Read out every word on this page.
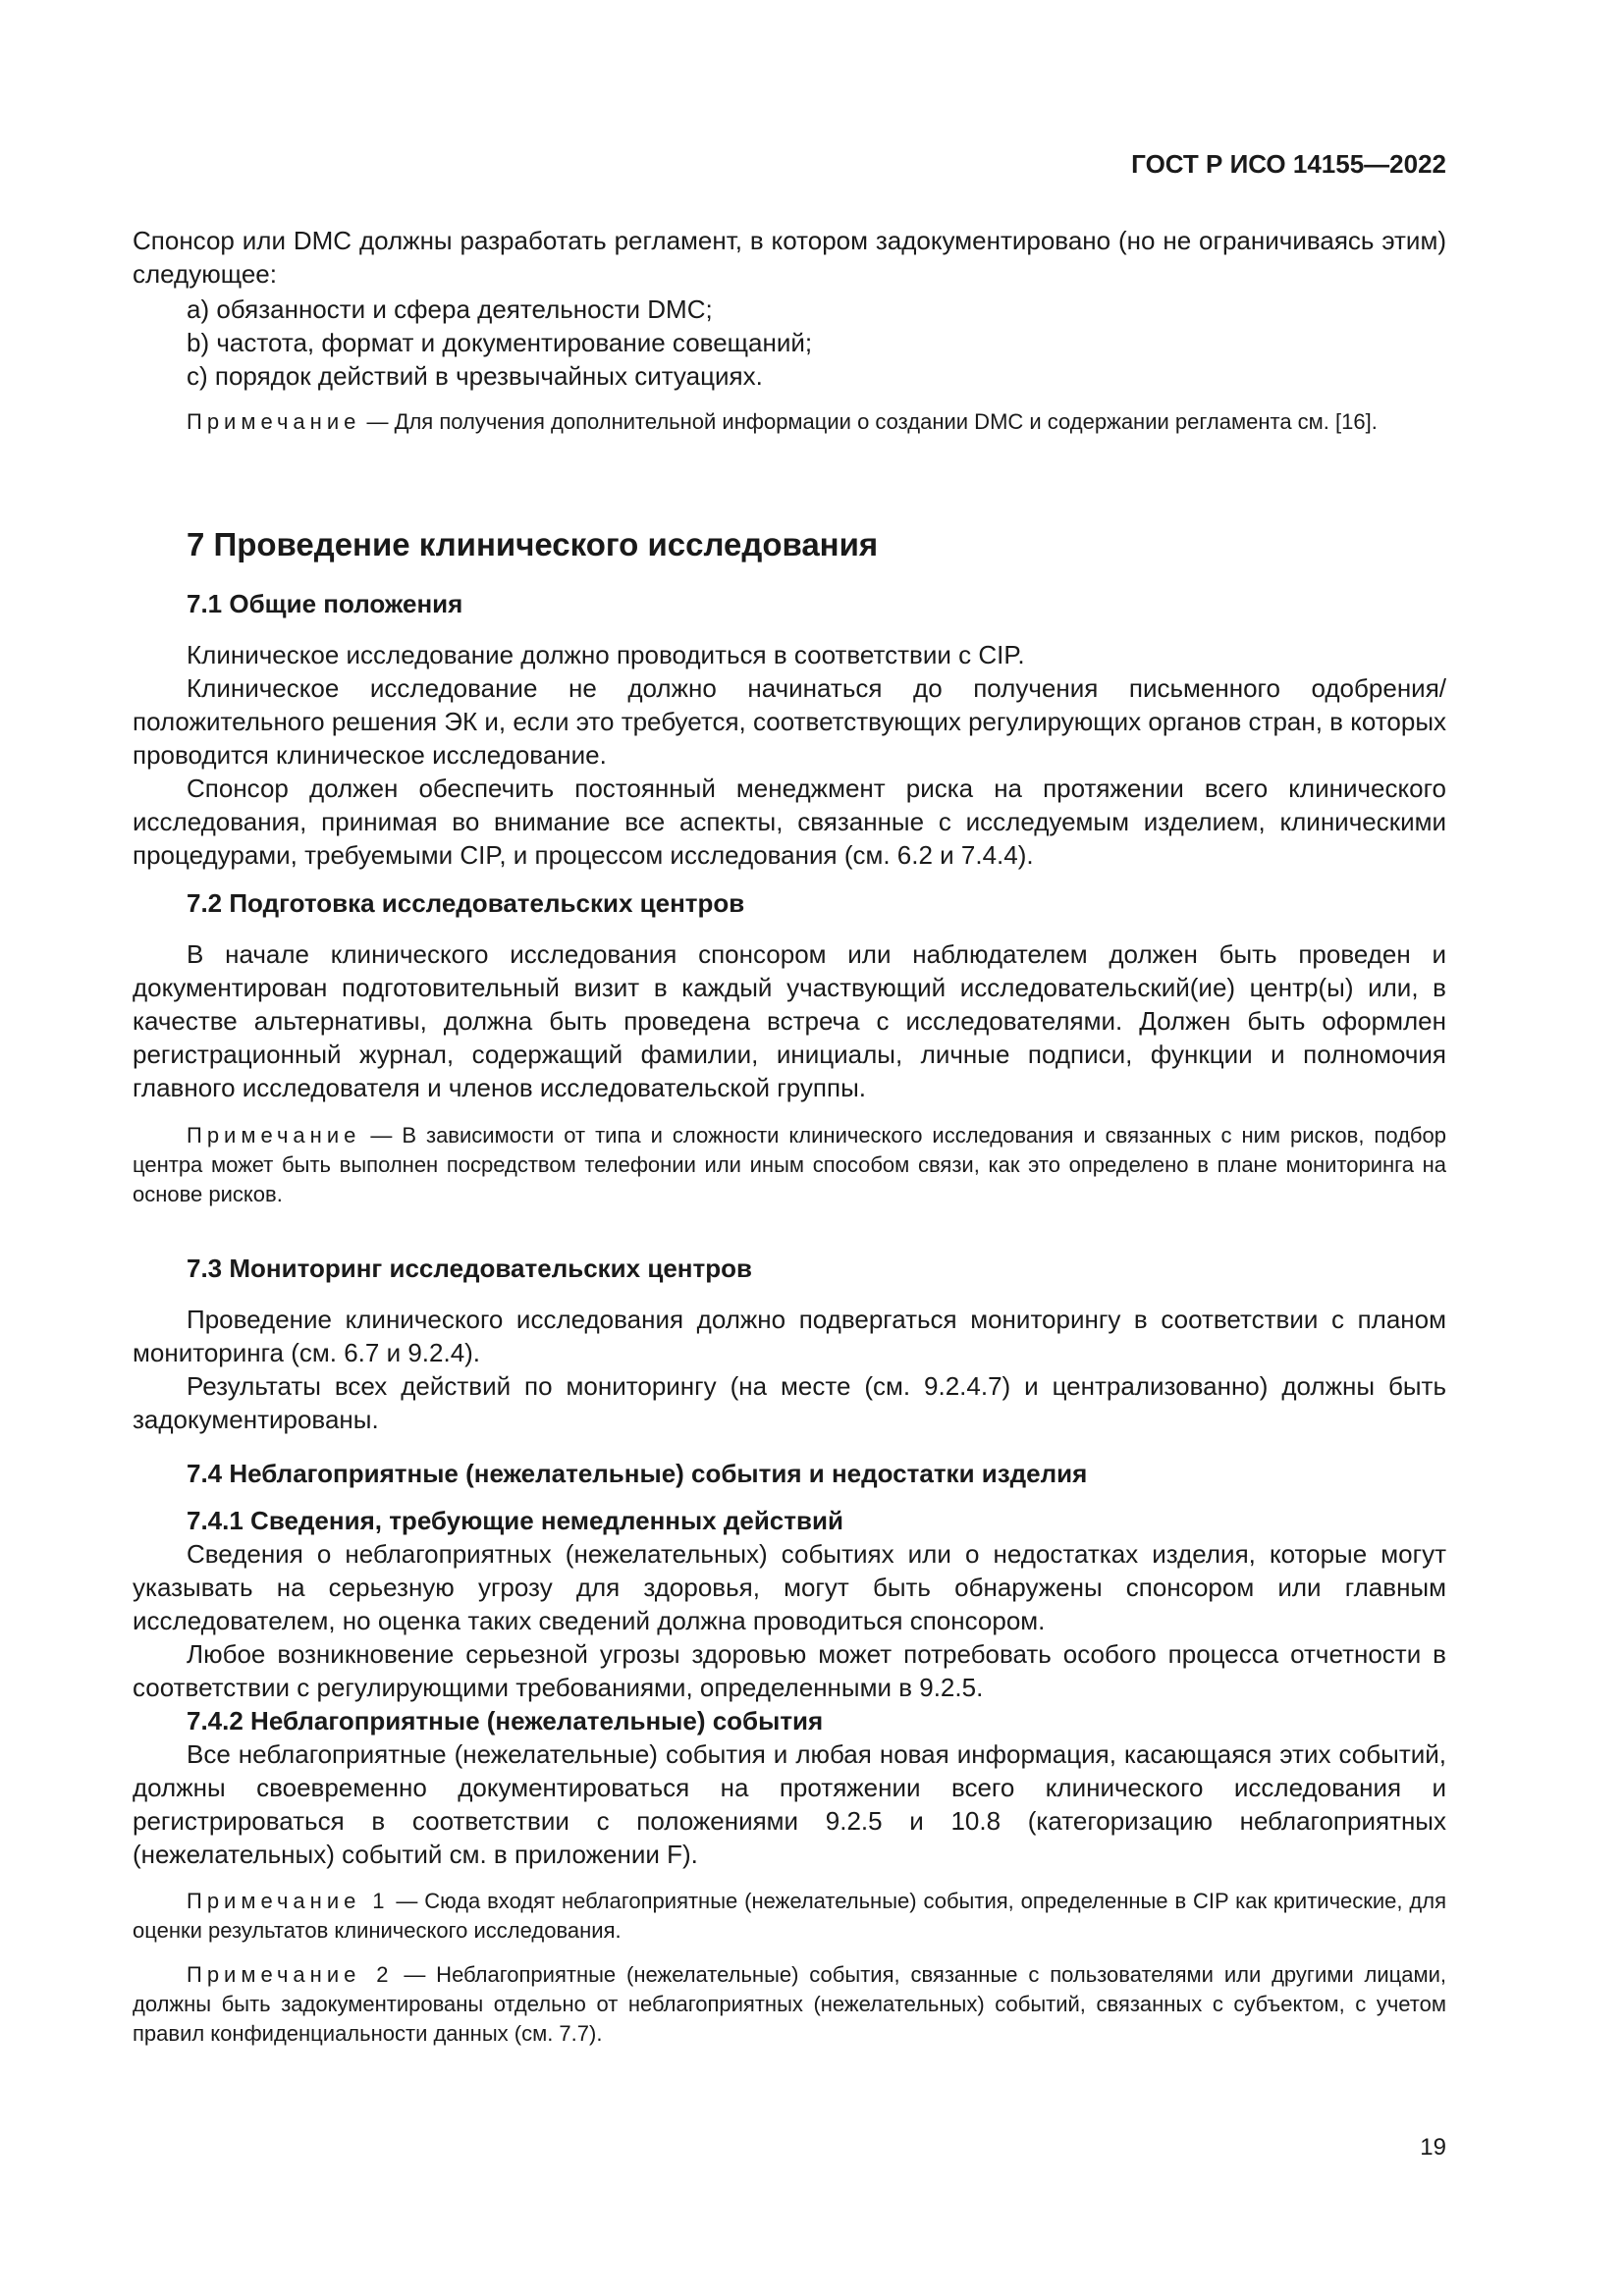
ГОСТ Р ИСО 14155—2022

Спонсор или DMC должны разработать регламент, в котором задокументировано (но не ограничиваясь этим) следующее:

a) обязанности и сфера деятельности DMC;

b) частота, формат и документирование совещаний;

c) порядок действий в чрезвычайных ситуациях.

Примечание — Для получения дополнительной информации о создании DMC и содержании регламента см. [16].

7 Проведение клинического исследования
7.1 Общие положения

Клиническое исследование должно проводиться в соответствии с CIP.

Клиническое исследование не должно начинаться до получения письменного одобрения/положительного решения ЭК и, если это требуется, соответствующих регулирующих органов стран, в которых проводится клиническое исследование.

Спонсор должен обеспечить постоянный менеджмент риска на протяжении всего клинического исследования, принимая во внимание все аспекты, связанные с исследуемым изделием, клиническими процедурами, требуемыми CIP, и процессом исследования (см. 6.2 и 7.4.4).

7.2 Подготовка исследовательских центров

В начале клинического исследования спонсором или наблюдателем должен быть проведен и документирован подготовительный визит в каждый участвующий исследовательский(ие) центр(ы) или, в качестве альтернативы, должна быть проведена встреча с исследователями. Должен быть оформлен регистрационный журнал, содержащий фамилии, инициалы, личные подписи, функции и полномочия главного исследователя и членов исследовательской группы.

Примечание — В зависимости от типа и сложности клинического исследования и связанных с ним рисков, подбор центра может быть выполнен посредством телефонии или иным способом связи, как это определено в плане мониторинга на основе рисков.

7.3 Мониторинг исследовательских центров

Проведение клинического исследования должно подвергаться мониторингу в соответствии с планом мониторинга (см. 6.7 и 9.2.4).

Результаты всех действий по мониторингу (на месте (см. 9.2.4.7) и централизованно) должны быть задокументированы.

7.4 Неблагоприятные (нежелательные) события и недостатки изделия
7.4.1 Сведения, требующие немедленных действий

Сведения о неблагоприятных (нежелательных) событиях или о недостатках изделия, которые могут указывать на серьезную угрозу для здоровья, могут быть обнаружены спонсором или главным исследователем, но оценка таких сведений должна проводиться спонсором.

Любое возникновение серьезной угрозы здоровью может потребовать особого процесса отчетности в соответствии с регулирующими требованиями, определенными в 9.2.5.

7.4.2 Неблагоприятные (нежелательные) события

Все неблагоприятные (нежелательные) события и любая новая информация, касающаяся этих событий, должны своевременно документироваться на протяжении всего клинического исследования и регистрироваться в соответствии с положениями 9.2.5 и 10.8 (категоризацию неблагоприятных (нежелательных) событий см. в приложении F).

Примечание 1 — Сюда входят неблагоприятные (нежелательные) события, определенные в CIP как критические, для оценки результатов клинического исследования.

Примечание 2 — Неблагоприятные (нежелательные) события, связанные с пользователями или другими лицами, должны быть задокументированы отдельно от неблагоприятных (нежелательных) событий, связанных с субъектом, с учетом правил конфиденциальности данных (см. 7.7).

19
